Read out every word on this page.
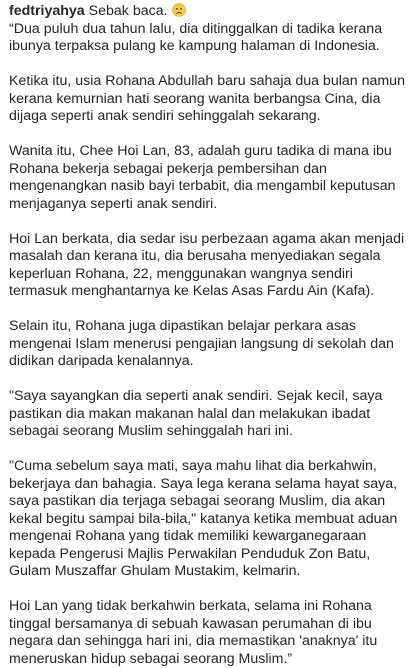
fedtriyahya Sebak baca.

“Dua puluh dua tahun lalu, dia ditinggalkan di tadika kerana ibunya terpaksa pulang ke kampung halaman di Indonesia.

Ketika itu, usia Rohana Abdullah baru sahaja dua bulan namun kerana kemurnian hati seorang wanita berbangsa Cina, dia dijaga seperti anak sendiri sehinggalah sekarang.

Wanita itu, Chee Hoi Lan, 83, adalah guru tadika di mana ibu Rohana bekerja sebagai pekerja pembersihan dan mengenangkan nasib bayi terbabit, dia mengambil keputusan menjaganya seperti anak sendiri.

Hoi Lan berkata, dia sedar isu perbezaan agama akan menjadi masalah dan kerana itu, dia berusaha menyediakan segala keperluan Rohana, 22, menggunakan wangnya sendiri termasuk menghantarnya ke Kelas Asas Fardu Ain (Kafa).

Selain itu, Rohana juga dipastikan belajar perkara asas mengenai Islam menerusi pengajian langsung di sekolah dan didikan daripada kenalannya.

"Saya sayangkan dia seperti anak sendiri. Sejak kecil, saya pastikan dia makan makanan halal dan melakukan ibadat sebagai seorang Muslim sehinggalah hari ini.

"Cuma sebelum saya mati, saya mahu lihat dia berkahwin, bekerjaya dan bahagia. Saya lega kerana selama hayat saya, saya pastikan dia terjaga sebagai seorang Muslim, dia akan kekal begitu sampai bila-bila," katanya ketika membuat aduan mengenai Rohana yang tidak memiliki kewarganegaraan kepada Pengerusi Majlis Perwakilan Penduduk Zon Batu, Gulam Muszaffar Ghulam Mustakim, kelmarin.

Hoi Lan yang tidak berkahwin berkata, selama ini Rohana tinggal bersamanya di sebuah kawasan perumahan di ibu negara dan sehingga hari ini, dia memastikan 'anaknya' itu meneruskan hidup sebagai seorang Muslim.”
